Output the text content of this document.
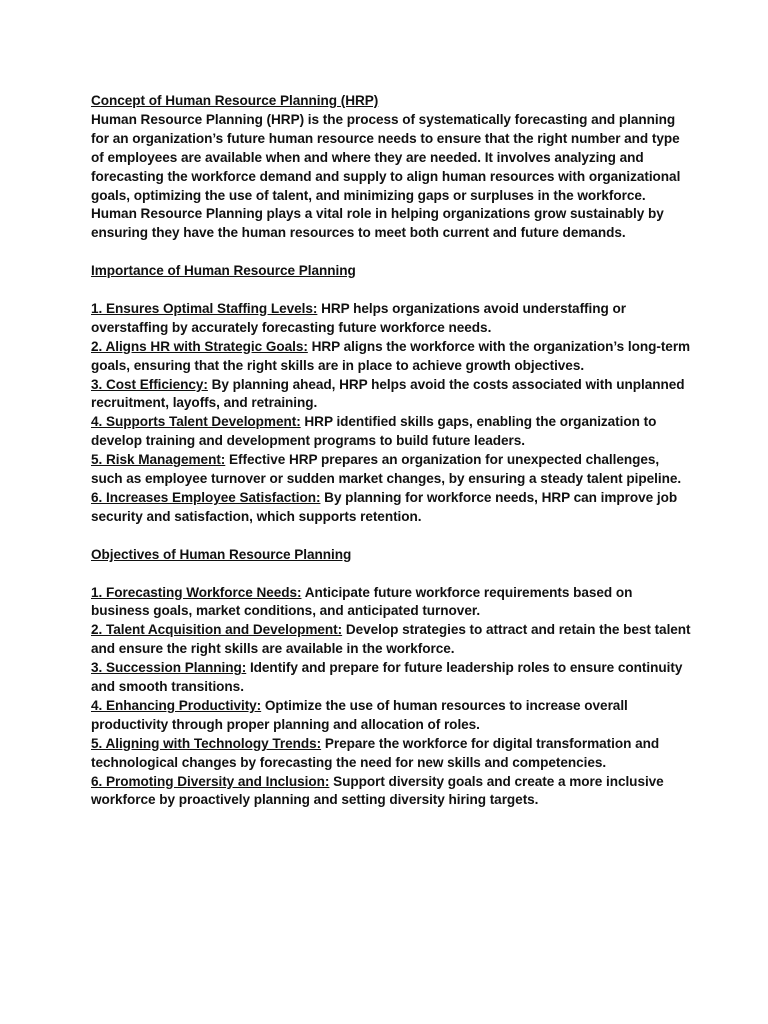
Concept of Human Resource Planning (HRP)

Human Resource Planning (HRP) is the process of systematically forecasting and planning for an organization’s future human resource needs to ensure that the right number and type of employees are available when and where they are needed. It involves analyzing and forecasting the workforce demand and supply to align human resources with organizational goals, optimizing the use of talent, and minimizing gaps or surpluses in the workforce.

Human Resource Planning plays a vital role in helping organizations grow sustainably by ensuring they have the human resources to meet both current and future demands.

Importance of Human Resource Planning

1. Ensures Optimal Staffing Levels: HRP helps organizations avoid understaffing or overstaffing by accurately forecasting future workforce needs.

2. Aligns HR with Strategic Goals: HRP aligns the workforce with the organization’s long-term goals, ensuring that the right skills are in place to achieve growth objectives.

3. Cost Efficiency: By planning ahead, HRP helps avoid the costs associated with unplanned recruitment, layoffs, and retraining.

4. Supports Talent Development: HRP identified skills gaps, enabling the organization to develop training and development programs to build future leaders.

5. Risk Management: Effective HRP prepares an organization for unexpected challenges, such as employee turnover or sudden market changes, by ensuring a steady talent pipeline.

6. Increases Employee Satisfaction: By planning for workforce needs, HRP can improve job security and satisfaction, which supports retention.

Objectives of Human Resource Planning

1. Forecasting Workforce Needs: Anticipate future workforce requirements based on business goals, market conditions, and anticipated turnover.

2. Talent Acquisition and Development: Develop strategies to attract and retain the best talent and ensure the right skills are available in the workforce.

3. Succession Planning: Identify and prepare for future leadership roles to ensure continuity and smooth transitions.

4. Enhancing Productivity: Optimize the use of human resources to increase overall productivity through proper planning and allocation of roles.

5. Aligning with Technology Trends: Prepare the workforce for digital transformation and technological changes by forecasting the need for new skills and competencies.

6. Promoting Diversity and Inclusion: Support diversity goals and create a more inclusive workforce by proactively planning and setting diversity hiring targets.
